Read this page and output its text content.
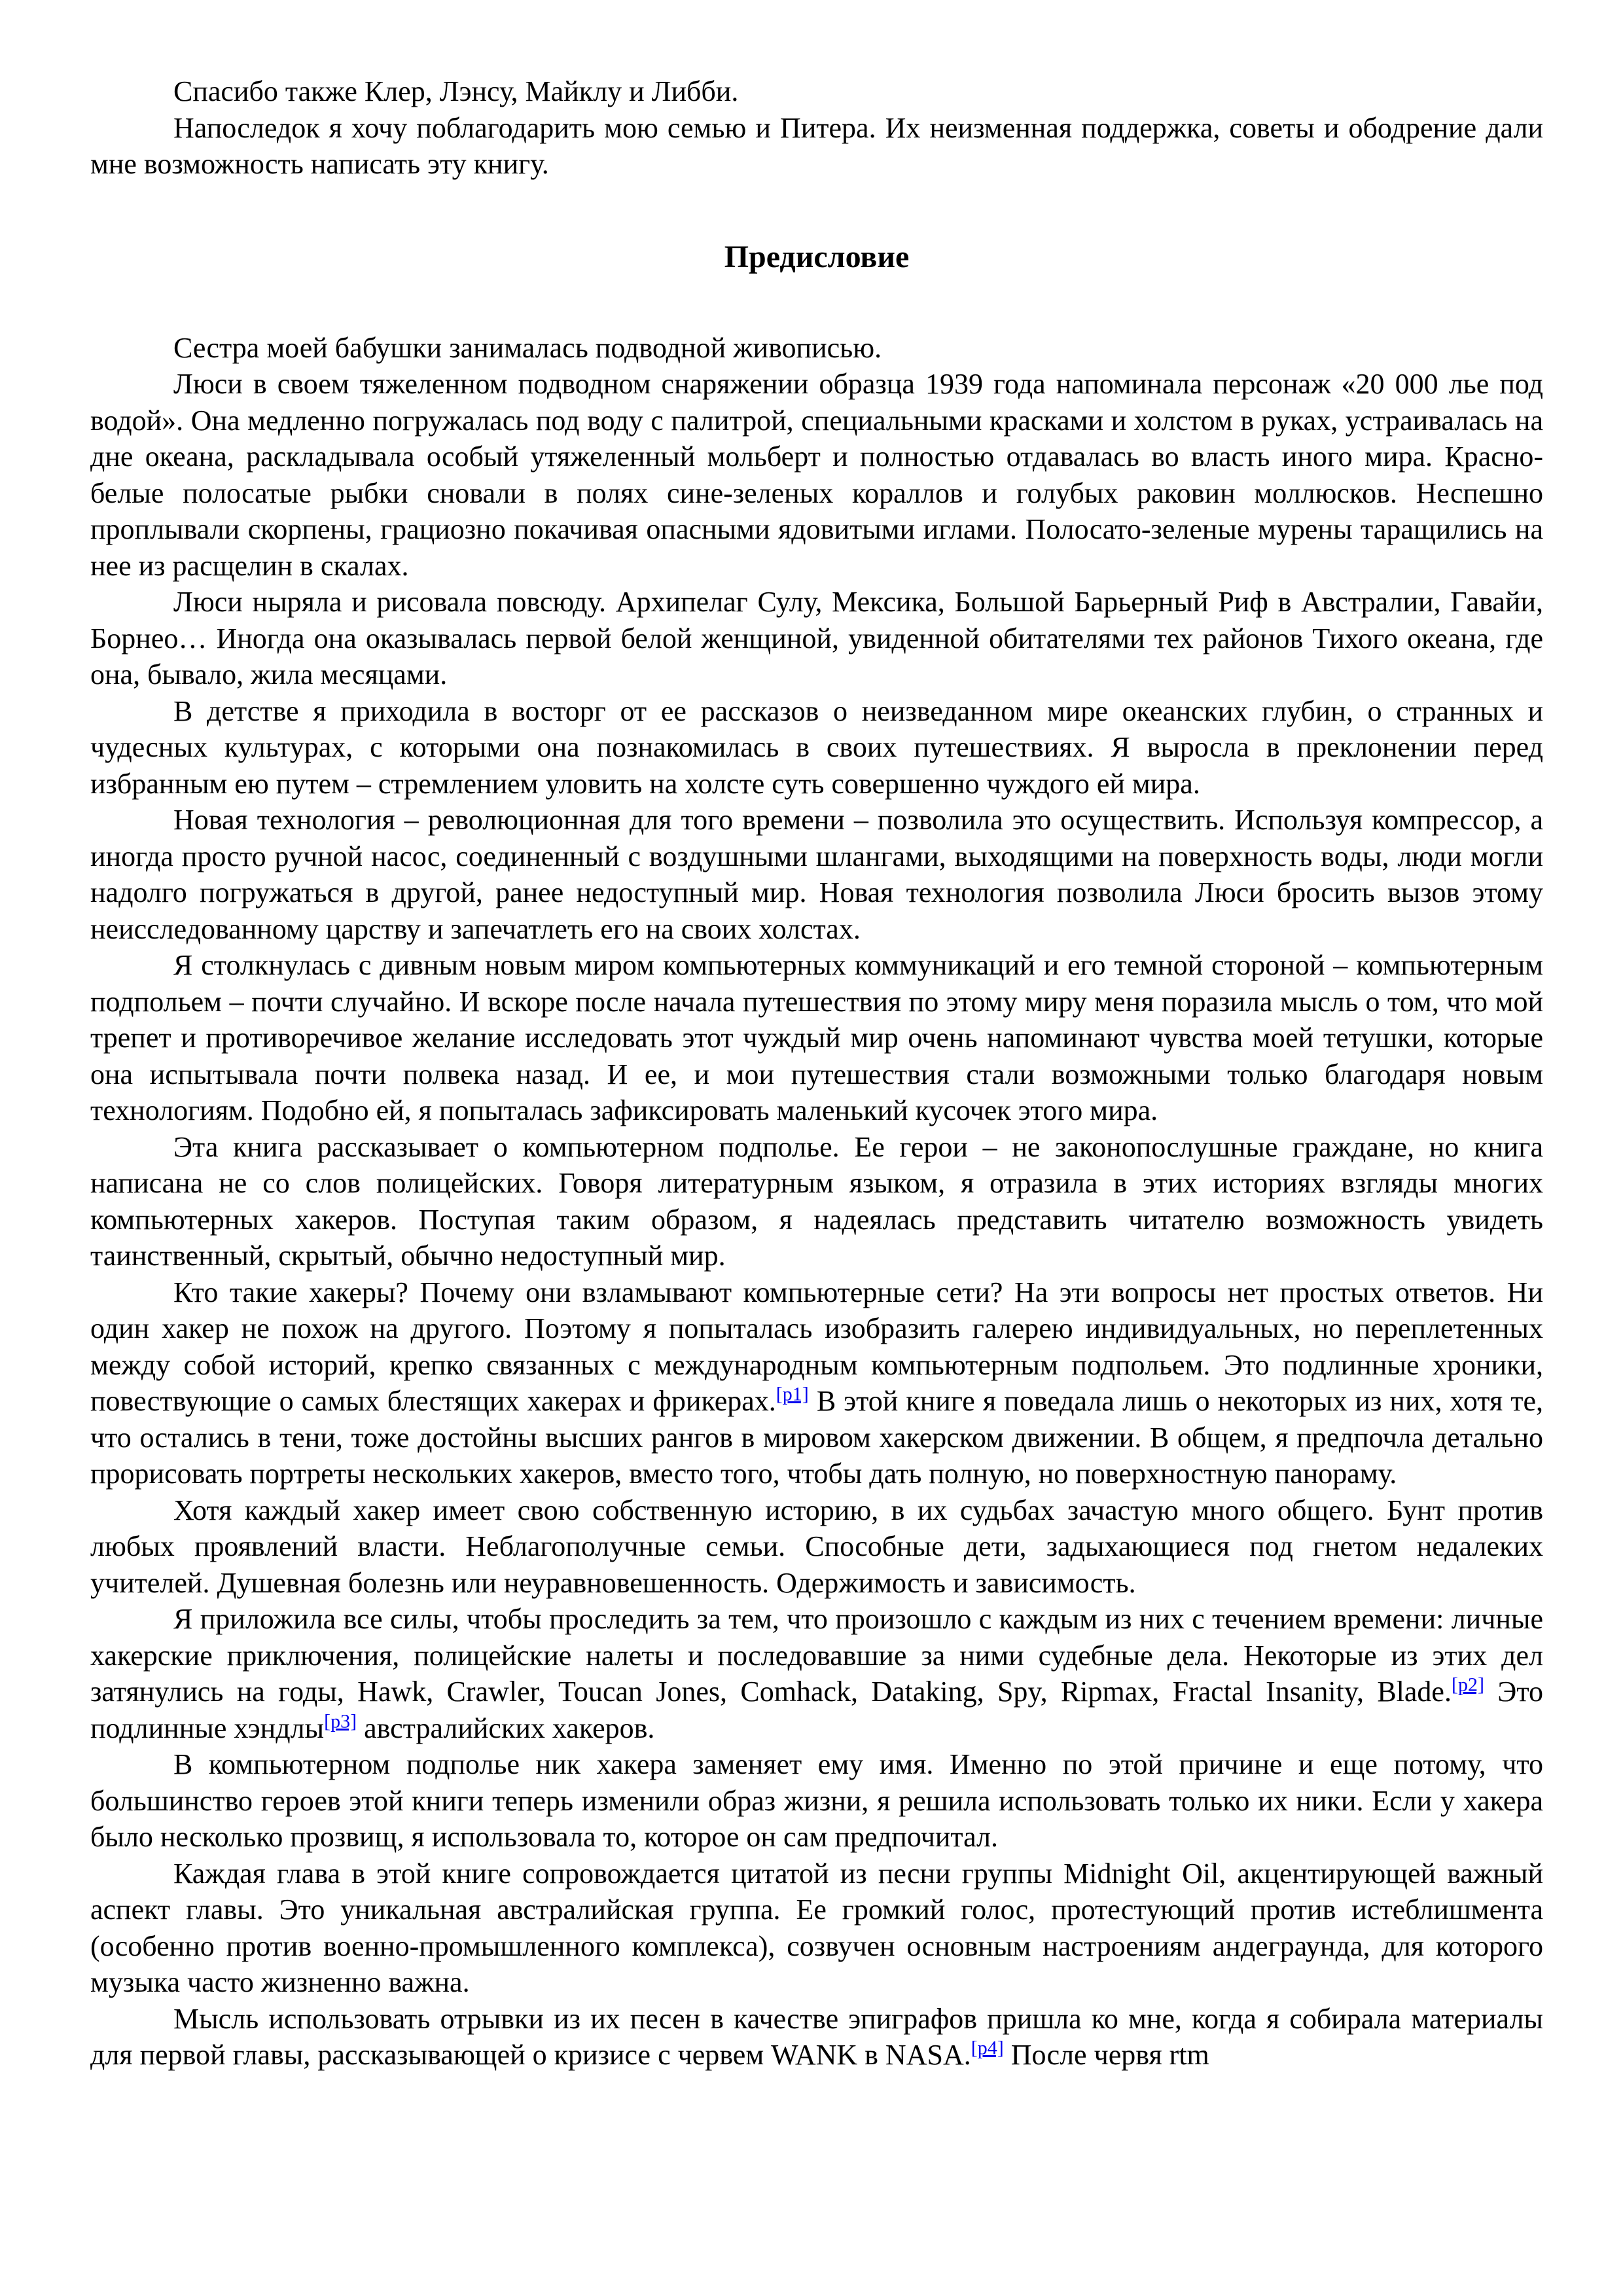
Спасибо также Клер, Лэнсу, Майклу и Либби.

Напоследок я хочу поблагодарить мою семью и Питера. Их неизменная поддержка, советы и ободрение дали мне возможность написать эту книгу.

Предисловие

Сестра моей бабушки занималась подводной живописью.

Люси в своем тяжеленном подводном снаряжении образца 1939 года напоминала персонаж «20 000 лье под водой». Она медленно погружалась под воду с палитрой, специальными красками и холстом в руках, устраивалась на дне океана, раскладывала особый утяжеленный мольберт и полностью отдавалась во власть иного мира. Красно-белые полосатые рыбки сновали в полях сине-зеленых кораллов и голубых раковин моллюсков. Неспешно проплывали скорпены, грациозно покачивая опасными ядовитыми иглами. Полосато-зеленые мурены таращились на нее из расщелин в скалах.

Люси ныряла и рисовала повсюду. Архипелаг Сулу, Мексика, Большой Барьерный Риф в Австралии, Гавайи, Борнео… Иногда она оказывалась первой белой женщиной, увиденной обитателями тех районов Тихого океана, где она, бывало, жила месяцами.

В детстве я приходила в восторг от ее рассказов о неизведанном мире океанских глубин, о странных и чудесных культурах, с которыми она познакомилась в своих путешествиях. Я выросла в преклонении перед избранным ею путем – стремлением уловить на холсте суть совершенно чуждого ей мира.

Новая технология – революционная для того времени – позволила это осуществить. Используя компрессор, а иногда просто ручной насос, соединенный с воздушными шлангами, выходящими на поверхность воды, люди могли надолго погружаться в другой, ранее недоступный мир. Новая технология позволила Люси бросить вызов этому неисследованному царству и запечатлеть его на своих холстах.

Я столкнулась с дивным новым миром компьютерных коммуникаций и его темной стороной – компьютерным подпольем – почти случайно. И вскоре после начала путешествия по этому миру меня поразила мысль о том, что мой трепет и противоречивое желание исследовать этот чуждый мир очень напоминают чувства моей тетушки, которые она испытывала почти полвека назад. И ее, и мои путешествия стали возможными только благодаря новым технологиям. Подобно ей, я попыталась зафиксировать маленький кусочек этого мира.

Эта книга рассказывает о компьютерном подполье. Ее герои – не законопослушные граждане, но книга написана не со слов полицейских. Говоря литературным языком, я отразила в этих историях взгляды многих компьютерных хакеров. Поступая таким образом, я надеялась представить читателю возможность увидеть таинственный, скрытый, обычно недоступный мир.

Кто такие хакеры? Почему они взламывают компьютерные сети? На эти вопросы нет простых ответов. Ни один хакер не похож на другого. Поэтому я попыталась изобразить галерею индивидуальных, но переплетенных между собой историй, крепко связанных с международным компьютерным подпольем. Это подлинные хроники, повествующие о самых блестящих хакерах и фрикерах.[p1] В этой книге я поведала лишь о некоторых из них, хотя те, что остались в тени, тоже достойны высших рангов в мировом хакерском движении. В общем, я предпочла детально прорисовать портреты нескольких хакеров, вместо того, чтобы дать полную, но поверхностную панораму.

Хотя каждый хакер имеет свою собственную историю, в их судьбах зачастую много общего. Бунт против любых проявлений власти. Неблагополучные семьи. Способные дети, задыхающиеся под гнетом недалеких учителей. Душевная болезнь или неуравновешенность. Одержимость и зависимость.

Я приложила все силы, чтобы проследить за тем, что произошло с каждым из них с течением времени: личные хакерские приключения, полицейские налеты и последовавшие за ними судебные дела. Некоторые из этих дел затянулись на годы, Hawk, Crawler, Toucan Jones, Comhack, Dataking, Spy, Ripmax, Fractal Insanity, Blade.[p2] Это подлинные хэндлы[p3] австралийских хакеров.

В компьютерном подполье ник хакера заменяет ему имя. Именно по этой причине и еще потому, что большинство героев этой книги теперь изменили образ жизни, я решила использовать только их ники. Если у хакера было несколько прозвищ, я использовала то, которое он сам предпочитал.

Каждая глава в этой книге сопровождается цитатой из песни группы Midnight Oil, акцентирующей важный аспект главы. Это уникальная австралийская группа. Ее громкий голос, протестующий против истеблишмента (особенно против военно-промышленного комплекса), созвучен основным настроениям андеграунда, для которого музыка часто жизненно важна.

Мысль использовать отрывки из их песен в качестве эпиграфов пришла ко мне, когда я собирала материалы для первой главы, рассказывающей о кризисе с червем WANK в NASA.[p4] После червя rtm
